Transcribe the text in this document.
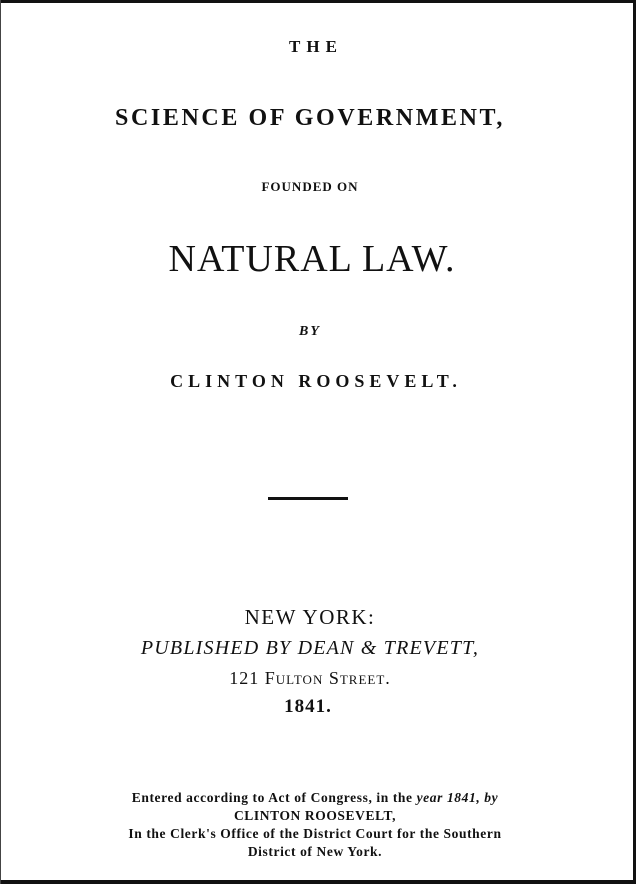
THE
SCIENCE OF GOVERNMENT,
FOUNDED ON
NATURAL LAW.
BY
CLINTON ROOSEVELT.
NEW YORK:
PUBLISHED BY DEAN & TREVETT,
121 Fulton Street.
1841.
Entered according to Act of Congress, in the year 1841, by
CLINTON ROOSEVELT,
In the Clerk's Office of the District Court for the Southern
District of New York.
